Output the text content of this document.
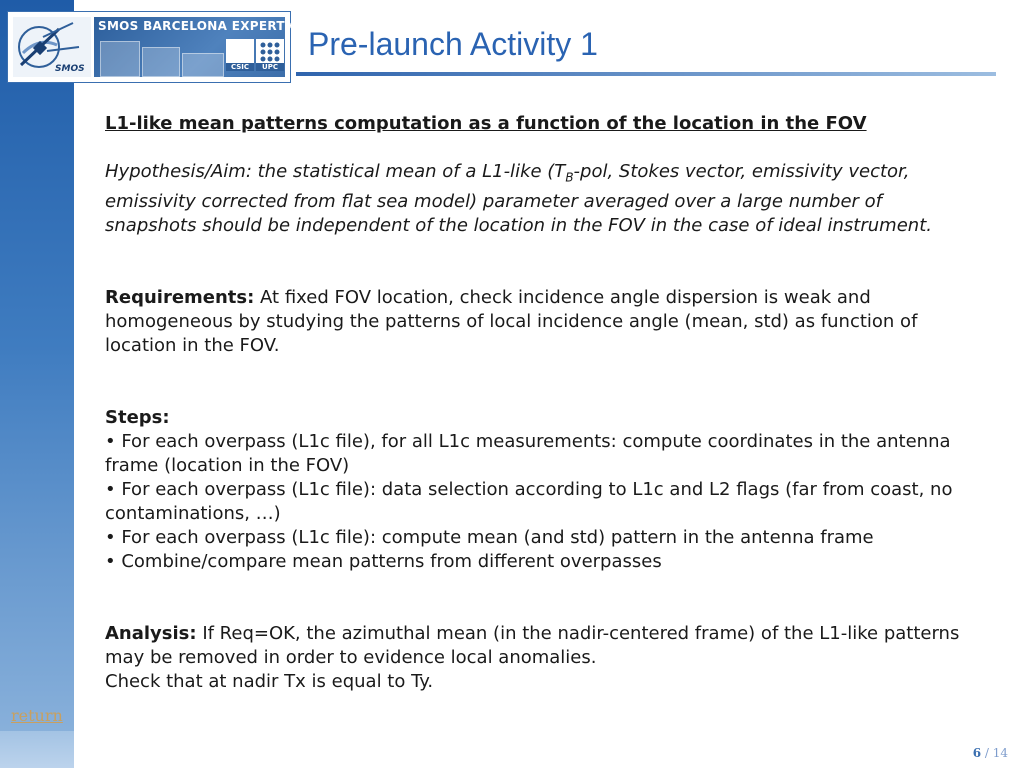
SMOS
SMOS BARCELONA EXPERT CENTRE
CSIC	UPC
Pre-launch Activity 1

L1-like mean patterns computation as a function of the location in the FOV

Hypothesis/Aim: the statistical mean of a L1-like ($T_B$-pol, Stokes vector, emissivity vector, emissivity corrected from flat sea model) parameter averaged over a large number of snapshots should be independent of the location in the FOV in the case of ideal instrument.

Requirements: At fixed FOV location, check incidence angle dispersion is weak and homogeneous by studying the patterns of local incidence angle (mean, std) as function of location in the FOV.

Steps:

• For each overpass (L1c file), for all L1c measurements: compute coordinates in the antenna frame (location in the FOV)

• For each overpass (L1c file): data selection according to L1c and L2 flags (far from coast, no contaminations, …)

• For each overpass (L1c file): compute mean (and std) pattern in the antenna frame

• Combine/compare mean patterns from different overpasses

Analysis: If Req=OK, the azimuthal mean (in the nadir-centered frame) of the L1-like patterns may be removed in order to evidence local anomalies.

Check that at nadir Tx is equal to Ty.

return
6 / 14
